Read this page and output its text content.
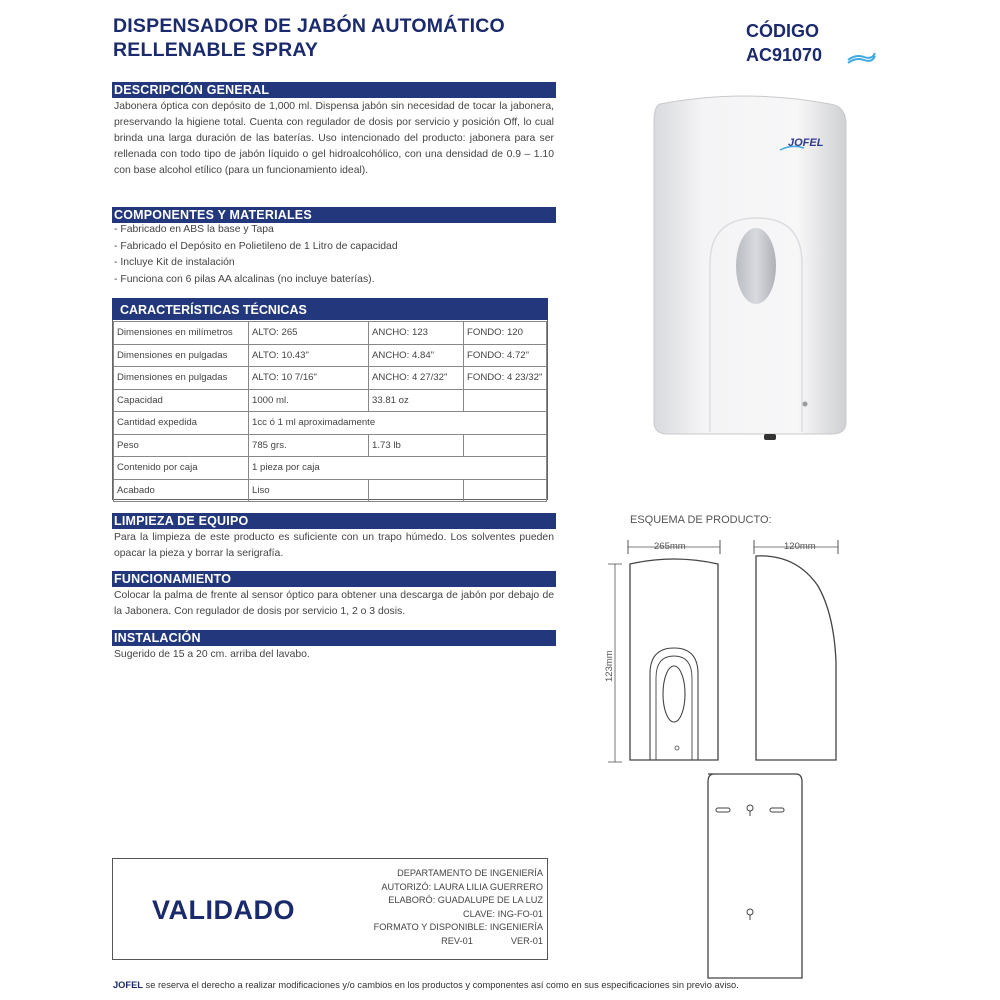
DISPENSADOR DE JABÓN AUTOMÁTICO
RELLENABLE SPRAY
CÓDIGO
AC91070
DESCRIPCIÓN GENERAL
Jabonera óptica con depósito de 1,000 ml. Dispensa jabón sin necesidad de tocar la jabonera, preservando la higiene total. Cuenta con regulador de dosis por servicio y posición Off, lo cual brinda una larga duración de las baterías. Uso intencionado del producto: jabonera para ser rellenada con todo tipo de jabón líquido o gel hidroalcohólico, con una densidad de 0.9 – 1.10 con base alcohol etílico (para un funcionamiento ideal).
COMPONENTES Y MATERIALES
- Fabricado en ABS la base y Tapa
- Fabricado el Depósito en Polietileno de 1 Litro de capacidad
- Incluye Kit de instalación
- Funciona con 6 pilas AA alcalinas (no incluye baterías).
CARACTERÍSTICAS TÉCNICAS
Dimensiones en milímetros	ALTO: 265	ANCHO: 123	FONDO: 120
Dimensiones en pulgadas	ALTO: 10.43"	ANCHO: 4.84"	FONDO: 4.72"
Dimensiones en pulgadas	ALTO: 10 7/16"	ANCHO: 4 27/32"	FONDO: 4 23/32"
Capacidad	1000 ml.	33.81 oz	
Cantidad expedida	1cc ó 1 ml aproximadamente		
Peso	785 grs.	1.73 lb	
Contenido por caja	1 pieza por caja		
Acabado	Liso		
LIMPIEZA DE EQUIPO
Para la limpieza de este producto es suficiente con un trapo húmedo. Los solventes pueden opacar la pieza y borrar la serigrafía.
FUNCIONAMIENTO
Colocar la palma de frente al sensor óptico para obtener una descarga de jabón por debajo de la Jabonera. Con regulador de dosis por servicio 1, 2 o 3 dosis.
INSTALACIÓN
Sugerido de 15 a 20 cm. arriba del lavabo.
JOFEL
ESQUEMA DE PRODUCTO:
265mm
123mm
120mm
VALIDADO
DEPARTAMENTO DE INGENIERÍA
AUTORIZÓ: LAURA LILIA GUERRERO
ELABORÓ: GUADALUPE DE LA LUZ
CLAVE: ING-FO-01
FORMATO Y DISPONIBLE: INGENIERÍA
REV-01	VER-01
JOFEL se reserva el derecho a realizar modificaciones y/o cambios en los productos y componentes así como en sus especificaciones sin previo aviso.
